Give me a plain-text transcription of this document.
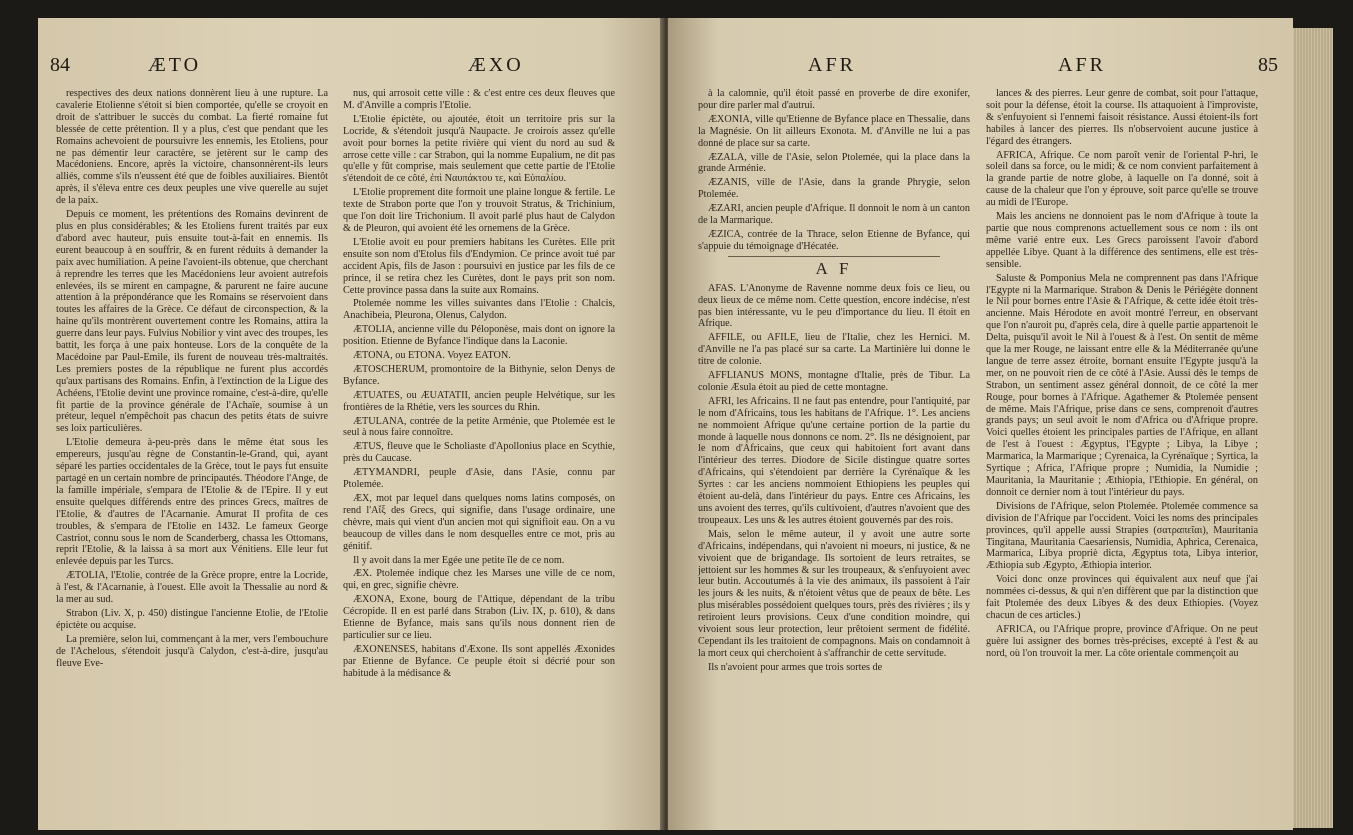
84	ÆTO	ÆXO

respectives des deux nations donnèrent lieu à une rupture. La cavalerie Etolienne s'étoit si bien comportée, qu'elle se croyoit en droit de s'attribuer le succès du combat. La fierté romaine fut blessée de cette prétention. Il y a plus, c'est que pendant que les Romains achevoient de poursuivre les ennemis, les Etoliens, pour ne pas démentir leur caractère, se jetèrent sur le camp des Macédoniens. Encore, après la victoire, chansonnèrent-ils leurs alliés, comme s'ils n'eussent été que de foibles auxiliaires. Bientôt après, il s'éleva entre ces deux peuples une vive querelle au sujet de la paix.

Depuis ce moment, les prétentions des Romains devinrent de plus en plus considérables; & les Etoliens furent traités par eux d'abord avec hauteur, puis ensuite tout-à-fait en ennemis. Ils eurent beaucoup à en souffrir, & en furent réduits à demander la paix avec humiliation. A peine l'avoient-ils obtenue, que cherchant à reprendre les terres que les Macédoniens leur avoient autrefois enlevées, ils se mirent en campagne, & parurent ne faire aucune attention à la prépondérance que les Romains se réservoient dans toutes les affaires de la Grèce. Ce défaut de circonspection, & la haine qu'ils montrèrent ouvertement contre les Romains, attira la guerre dans leur pays. Fulvius Nobilior y vint avec des troupes, les battit, les força à une paix honteuse. Lors de la conquête de la Macédoine par Paul-Emile, ils furent de nouveau très-maltraités. Les premiers postes de la république ne furent plus accordés qu'aux partisans des Romains. Enfin, à l'extinction de la Ligue des Achéens, l'Etolie devint une province romaine, c'est-à-dire, qu'elle fit partie de la province générale de l'Achaïe, soumise à un préteur, lequel n'empêchoit pas chacun des petits états de suivre ses loix particulières.

L'Etolie demeura à-peu-près dans le même état sous les empereurs, jusqu'au règne de Constantin-le-Grand, qui, ayant séparé les parties occidentales de la Grèce, tout le pays fut ensuite partagé en un certain nombre de principautés. Théodore l'Ange, de la famille impériale, s'empara de l'Etolie & de l'Epire. Il y eut ensuite quelques différends entre des princes Grecs, maîtres de l'Etolie, & d'autres de l'Acarnanie. Amurat II profita de ces troubles, & s'empara de l'Etolie en 1432. Le fameux George Castriot, connu sous le nom de Scanderberg, chassa les Ottomans, reprit l'Etolie, & la laissa à sa mort aux Vénitiens. Elle leur fut enlevée depuis par les Turcs.

ÆTOLIA, l'Etolie, contrée de la Grèce propre, entre la Locride, à l'est, & l'Acarnanie, à l'ouest. Elle avoit la Thessalie au nord & la mer au sud.

Strabon (Liv. X, p. 450) distingue l'ancienne Etolie, de l'Etolie épictète ou acquise.

La première, selon lui, commençant à la mer, vers l'embouchure de l'Achelous, s'étendoit jusqu'à Calydon, c'est-à-dire, jusqu'au fleuve Eve-

nus, qui arrosoit cette ville : & c'est entre ces deux fleuves que M. d'Anville a compris l'Etolie.

L'Etolie épictète, ou ajoutée, étoit un territoire pris sur la Locride, & s'étendoit jusqu'à Naupacte. Je croirois assez qu'elle avoit pour bornes la petite rivière qui vient du nord au sud & arrose cette ville : car Strabon, qui la nomme Eupalium, ne dit pas qu'elle y fût comprise, mais seulement que cette partie de l'Etolie s'étendoit de ce côté, ἐπὶ Ναυπάκτου τε, καὶ Εὐπαλίου.

L'Etolie proprement dite formoit une plaine longue & fertile. Le texte de Strabon porte que l'on y trouvoit Stratus, & Trichinium, que l'on doit lire Trichonium. Il avoit parlé plus haut de Calydon & de Pleuron, qui avoient été les ornemens de la Grèce.

L'Etolie avoit eu pour premiers habitans les Curètes. Elle prit ensuite son nom d'Etolus fils d'Endymion. Ce prince avoit tué par accident Apis, fils de Jason : poursuivi en justice par les fils de ce prince, il se retira chez les Curètes, dont le pays prit son nom. Cette province passa dans la suite aux Romains.

Ptolemée nomme les villes suivantes dans l'Etolie : Chalcis, Anachibeia, Pleurona, Olenus, Calydon.

ÆTOLIA, ancienne ville du Péloponèse, mais dont on ignore la position. Etienne de Byfance l'indique dans la Laconie.

ÆTONA, ou ETONA. Voyez EATON.

ÆTOSCHERUM, promontoire de la Bithynie, selon Denys de Byfance.

ÆTUATES, ou ÆUATATII, ancien peuple Helvétique, sur les frontières de la Rhétie, vers les sources du Rhin.

ÆTULANA, contrée de la petite Arménie, que Ptolemée est le seul à nous faire connoître.

ÆTUS, fleuve que le Scholiaste d'Apollonius place en Scythie, près du Caucase.

ÆTYMANDRI, peuple d'Asie, dans l'Asie, connu par Ptolemée.

ÆX, mot par lequel dans quelques noms latins composés, on rend l'Αἴξ des Grecs, qui signifie, dans l'usage ordinaire, une chèvre, mais qui vient d'un ancien mot qui signifioit eau. On a vu beaucoup de villes dans le nom desquelles entre ce mot, pris au génitif.

Il y avoit dans la mer Egée une petite île de ce nom.

ÆX. Ptolemée indique chez les Marses une ville de ce nom, qui, en grec, signifie chèvre.

ÆXONA, Exone, bourg de l'Attique, dépendant de la tribu Cécropide. Il en est parlé dans Strabon (Liv. IX, p. 610), & dans Etienne de Byfance, mais sans qu'ils nous donnent rien de particulier sur ce lieu.

ÆXONENSES, habitans d'Æxone. Ils sont appellés Æxonides par Etienne de Byfance. Ce peuple étoit si décrié pour son habitude à la médisance &

AFR	AFR	85

à la calomnie, qu'il étoit passé en proverbe de dire exonifer, pour dire parler mal d'autrui.

ÆXONIA, ville qu'Etienne de Byfance place en Thessalie, dans la Magnésie. On lit ailleurs Exonota. M. d'Anville ne lui a pas donné de place sur sa carte.

ÆZALA, ville de l'Asie, selon Ptolemée, qui la place dans la grande Arménie.

ÆZANIS, ville de l'Asie, dans la grande Phrygie, selon Ptolemée.

ÆZARI, ancien peuple d'Afrique. Il donnoit le nom à un canton de la Marmarique.

ÆZICA, contrée de la Thrace, selon Etienne de Byfance, qui s'appuie du témoignage d'Hécatée.

A F

AFAS. L'Anonyme de Ravenne nomme deux fois ce lieu, ou deux lieux de ce même nom. Cette question, encore indécise, n'est pas bien intéressante, vu le peu d'importance du lieu. Il étoit en Afrique.

AFFILE, ou AFILE, lieu de l'Italie, chez les Hernici. M. d'Anville ne l'a pas placé sur sa carte. La Martinière lui donne le titre de colonie.

AFFLIANUS MONS, montagne d'Italie, près de Tibur. La colonie Æsula étoit au pied de cette montagne.

AFRI, les Africains. Il ne faut pas entendre, pour l'antiquité, par le nom d'Africains, tous les habitans de l'Afrique. 1°. Les anciens ne nommoient Afrique qu'une certaine portion de la partie du monde à laquelle nous donnons ce nom. 2°. Ils ne désignoient, par le nom d'Africains, que ceux qui habitoient fort avant dans l'intérieur des terres. Diodore de Sicile distingue quatre sortes d'Africains, qui s'étendoient par derrière la Cyrénaïque & les Syrtes : car les anciens nommoient Ethiopiens les peuples qui étoient au-delà, dans l'intérieur du pays. Entre ces Africains, les uns avoient des terres, qu'ils cultivoient, d'autres n'avoient que des troupeaux. Les uns & les autres étoient gouvernés par des rois.

Mais, selon le même auteur, il y avoit une autre sorte d'Africains, indépendans, qui n'avoient ni moeurs, ni justice, & ne vivoient que de brigandage. Ils sortoient de leurs retraites, se jettoient sur les hommes & sur les troupeaux, & s'enfuyoient avec leur butin. Accoutumés à la vie des animaux, ils passoient à l'air les jours & les nuits, & n'étoient vêtus que de peaux de bête. Les plus misérables possédoient quelques tours, près des rivières ; ils y retiroient leurs provisions. Ceux d'une condition moindre, qui vivoient sous leur protection, leur prêtoient serment de fidélité. Cependant ils les traitoient de compagnons. Mais on condamnoit à la mort ceux qui cherchoient à s'affranchir de cette servitude.

Ils n'avoient pour armes que trois sortes de

lances & des pierres. Leur genre de combat, soit pour l'attaque, soit pour la défense, étoit la course. Ils attaquoient à l'improviste, & s'enfuyoient si l'ennemi faisoit résistance. Aussi étoient-ils fort habiles à lancer des pierres. Ils n'observoient aucune justice à l'égard des étrangers.

AFRICA, Afrique. Ce nom paroît venir de l'oriental P-hri, le soleil dans sa force, ou le midi; & ce nom convient parfaitement à la grande partie de notre globe, à laquelle on l'a donné, soit à cause de la chaleur que l'on y éprouve, soit parce qu'elle se trouve au midi de l'Europe.

Mais les anciens ne donnoient pas le nom d'Afrique à toute la partie que nous comprenons actuellement sous ce nom : ils ont même varié entre eux. Les Grecs paroissent l'avoir d'abord appellée Libye. Quant à la différence des sentimens, elle est très-sensible.

Saluste & Pomponius Mela ne comprennent pas dans l'Afrique l'Egypte ni la Marmarique. Strabon & Denis le Périégète donnent le Nil pour bornes entre l'Asie & l'Afrique, & cette idée étoit très-ancienne. Mais Hérodote en avoit montré l'erreur, en observant que l'on n'auroit pu, d'après cela, dire à quelle partie appartenoit le Delta, puisqu'il avoit le Nil à l'ouest & à l'est. On sentit de même que la mer Rouge, ne laissant entre elle & la Méditerranée qu'une langue de terre assez étroite, bornant ensuite l'Egypte jusqu'à la mer, on ne pouvoit rien de ce côté à l'Asie. Aussi dès le temps de Strabon, un sentiment assez général donnoit, de ce côté la mer Rouge, pour bornes à l'Afrique. Agathemer & Ptolemée pensent de même. Mais l'Afrique, prise dans ce sens, comprenoit d'autres grands pays; un seul avoit le nom d'Africa ou d'Afrique propre. Voici quelles étoient les principales parties de l'Afrique, en allant de l'est à l'ouest : Ægyptus, l'Egypte ; Libya, la Libye ; Marmarica, la Marmarique ; Cyrenaica, la Cyrénaïque ; Syrtica, la Syrtique ; Africa, l'Afrique propre ; Numidia, la Numidie ; Mauritania, la Mauritanie ; Æthiopia, l'Ethiopie. En général, on donnoit ce dernier nom à tout l'intérieur du pays.

Divisions de l'Afrique, selon Ptolemée. Ptolemée commence sa division de l'Afrique par l'occident. Voici les noms des principales provinces, qu'il appelle aussi Strapies (σατραπεῖαι), Mauritania Tingitana, Mauritania Caesariensis, Numidia, Aphrica, Cerenaica, Marmarica, Libya propriè dicta, Ægyptus tota, Libya interior, Æthiopia sub Ægypto, Æthiopia interior.

Voici donc onze provinces qui équivalent aux neuf que j'ai nommées ci-dessus, & qui n'en diffèrent que par la distinction que fait Ptolemée des deux Libyes & des deux Ethiopies. (Voyez chacun de ces articles.)

AFRICA, ou l'Afrique propre, province d'Afrique. On ne peut guère lui assigner des bornes très-précises, excepté à l'est & au nord, où l'on trouvoit la mer. La côte orientale commençoit au
